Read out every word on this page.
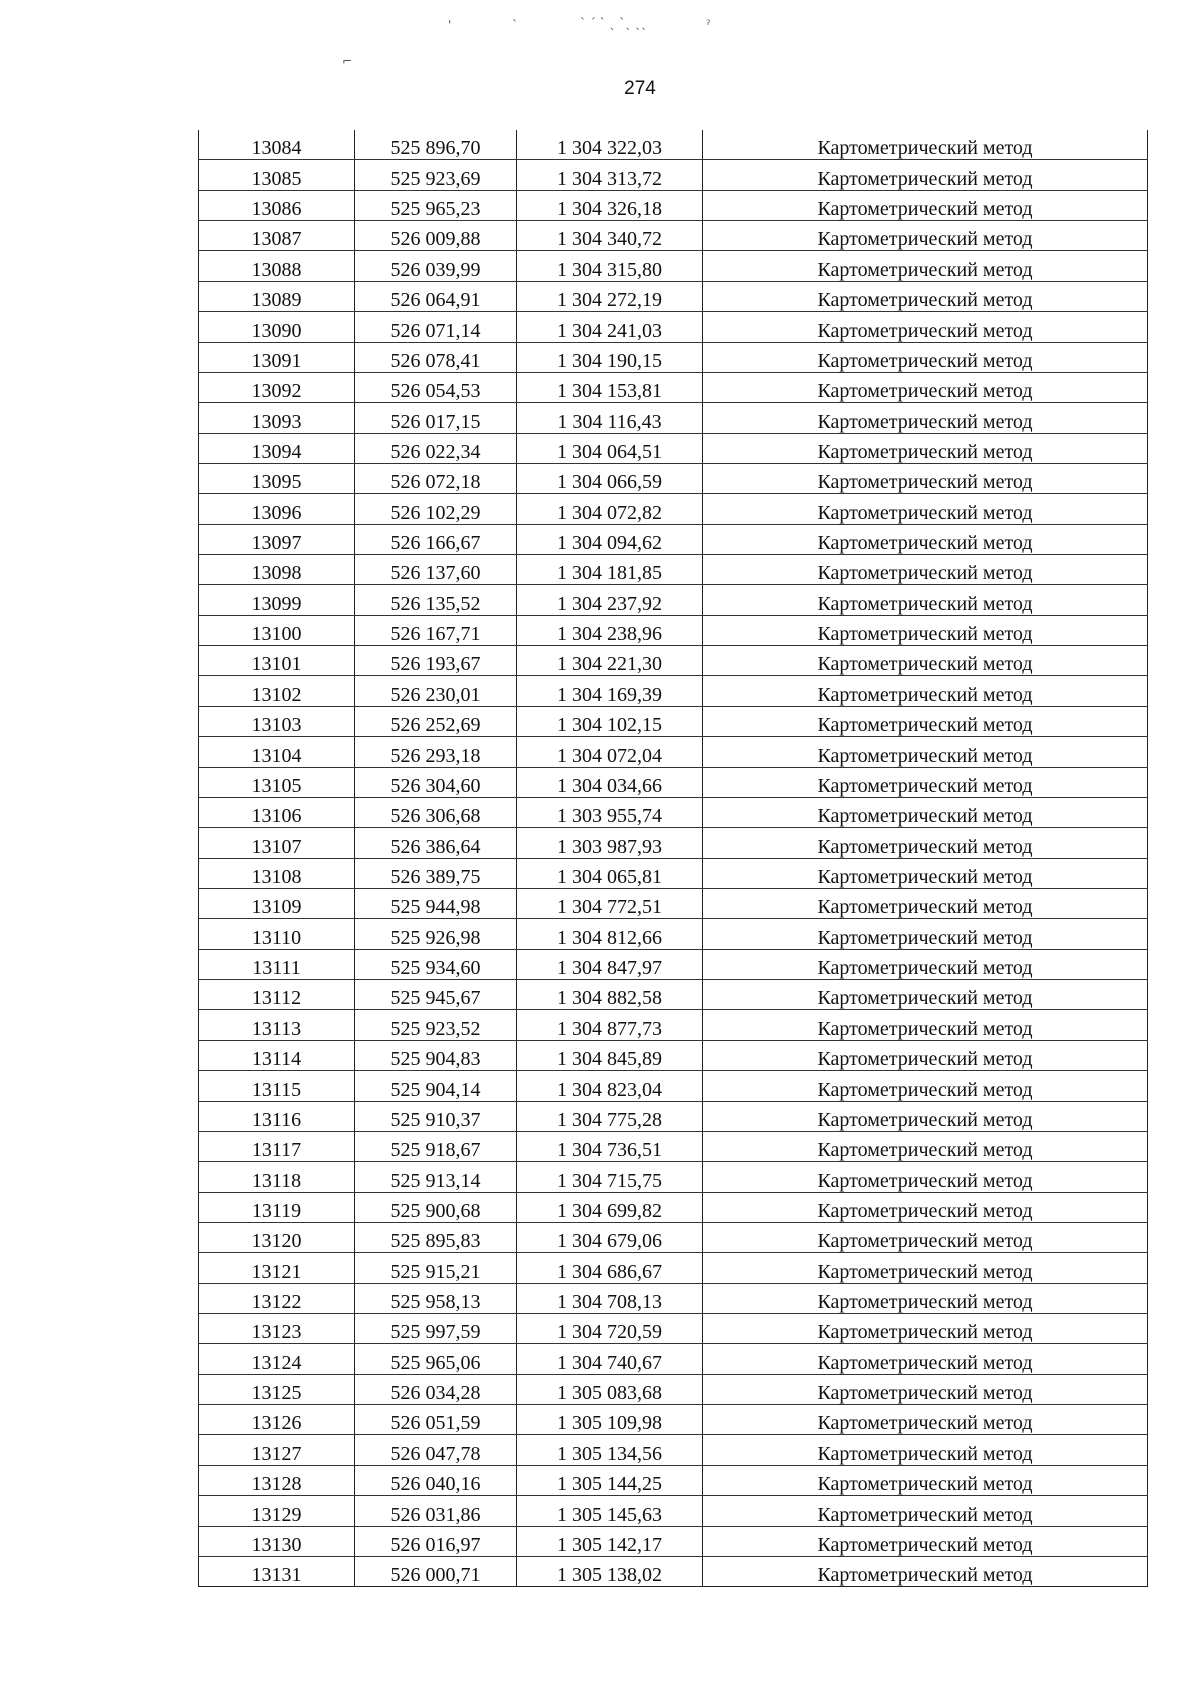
'	`	` ˊ ` ˎ `ˎ ˎˎ	ˀ
⌐
274
13084	525 896,70	1 304 322,03	Картометрический метод
13085	525 923,69	1 304 313,72	Картометрический метод
13086	525 965,23	1 304 326,18	Картометрический метод
13087	526 009,88	1 304 340,72	Картометрический метод
13088	526 039,99	1 304 315,80	Картометрический метод
13089	526 064,91	1 304 272,19	Картометрический метод
13090	526 071,14	1 304 241,03	Картометрический метод
13091	526 078,41	1 304 190,15	Картометрический метод
13092	526 054,53	1 304 153,81	Картометрический метод
13093	526 017,15	1 304 116,43	Картометрический метод
13094	526 022,34	1 304 064,51	Картометрический метод
13095	526 072,18	1 304 066,59	Картометрический метод
13096	526 102,29	1 304 072,82	Картометрический метод
13097	526 166,67	1 304 094,62	Картометрический метод
13098	526 137,60	1 304 181,85	Картометрический метод
13099	526 135,52	1 304 237,92	Картометрический метод
13100	526 167,71	1 304 238,96	Картометрический метод
13101	526 193,67	1 304 221,30	Картометрический метод
13102	526 230,01	1 304 169,39	Картометрический метод
13103	526 252,69	1 304 102,15	Картометрический метод
13104	526 293,18	1 304 072,04	Картометрический метод
13105	526 304,60	1 304 034,66	Картометрический метод
13106	526 306,68	1 303 955,74	Картометрический метод
13107	526 386,64	1 303 987,93	Картометрический метод
13108	526 389,75	1 304 065,81	Картометрический метод
13109	525 944,98	1 304 772,51	Картометрический метод
13110	525 926,98	1 304 812,66	Картометрический метод
13111	525 934,60	1 304 847,97	Картометрический метод
13112	525 945,67	1 304 882,58	Картометрический метод
13113	525 923,52	1 304 877,73	Картометрический метод
13114	525 904,83	1 304 845,89	Картометрический метод
13115	525 904,14	1 304 823,04	Картометрический метод
13116	525 910,37	1 304 775,28	Картометрический метод
13117	525 918,67	1 304 736,51	Картометрический метод
13118	525 913,14	1 304 715,75	Картометрический метод
13119	525 900,68	1 304 699,82	Картометрический метод
13120	525 895,83	1 304 679,06	Картометрический метод
13121	525 915,21	1 304 686,67	Картометрический метод
13122	525 958,13	1 304 708,13	Картометрический метод
13123	525 997,59	1 304 720,59	Картометрический метод
13124	525 965,06	1 304 740,67	Картометрический метод
13125	526 034,28	1 305 083,68	Картометрический метод
13126	526 051,59	1 305 109,98	Картометрический метод
13127	526 047,78	1 305 134,56	Картометрический метод
13128	526 040,16	1 305 144,25	Картометрический метод
13129	526 031,86	1 305 145,63	Картометрический метод
13130	526 016,97	1 305 142,17	Картометрический метод
13131	526 000,71	1 305 138,02	Картометрический метод
